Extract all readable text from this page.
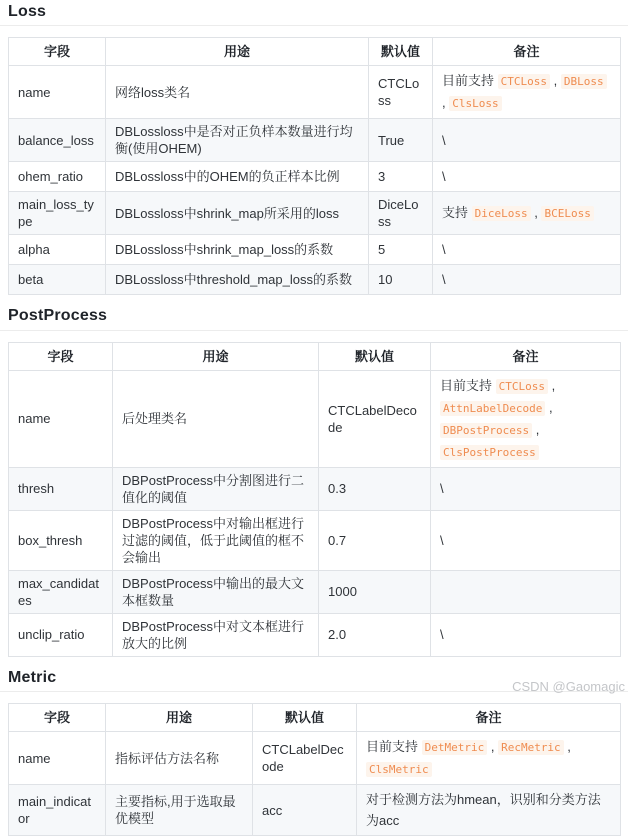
Loss
字段	用途	默认值	备注
name	网络loss类名	CTCLoss	目前支持 CTCLoss , DBLoss , ClsLoss
balance_loss	DBLossloss中是否对正负样本数量进行均衡(使用OHEM)	True	\
ohem_ratio	DBLossloss中的OHEM的负正样本比例	3	\
main_loss_type	DBLossloss中shrink_map所采用的loss	DiceLoss	支持 DiceLoss , BCELoss
alpha	DBLossloss中shrink_map_loss的系数	5	\
beta	DBLossloss中threshold_map_loss的系数	10	\
PostProcess
字段	用途	默认值	备注
name	后处理类名	CTCLabelDecode	目前支持 CTCLoss , AttnLabelDecode , DBPostProcess , ClsPostProcess
thresh	DBPostProcess中分割图进行二值化的阈值	0.3	\
box_thresh	DBPostProcess中对输出框进行过滤的阈值，低于此阈值的框不会输出	0.7	\
max_candidates	DBPostProcess中输出的最大文本框数量	1000	
unclip_ratio	DBPostProcess中对文本框进行放大的比例	2.0	\
Metric
字段	用途	默认值	备注
name	指标评估方法名称	CTCLabelDecode	目前支持 DetMetric , RecMetric , ClsMetric
main_indicator	主要指标,用于选取最优模型	acc	对于检测方法为hmean，识别和分类方法为acc
CSDN @Gaomagic
